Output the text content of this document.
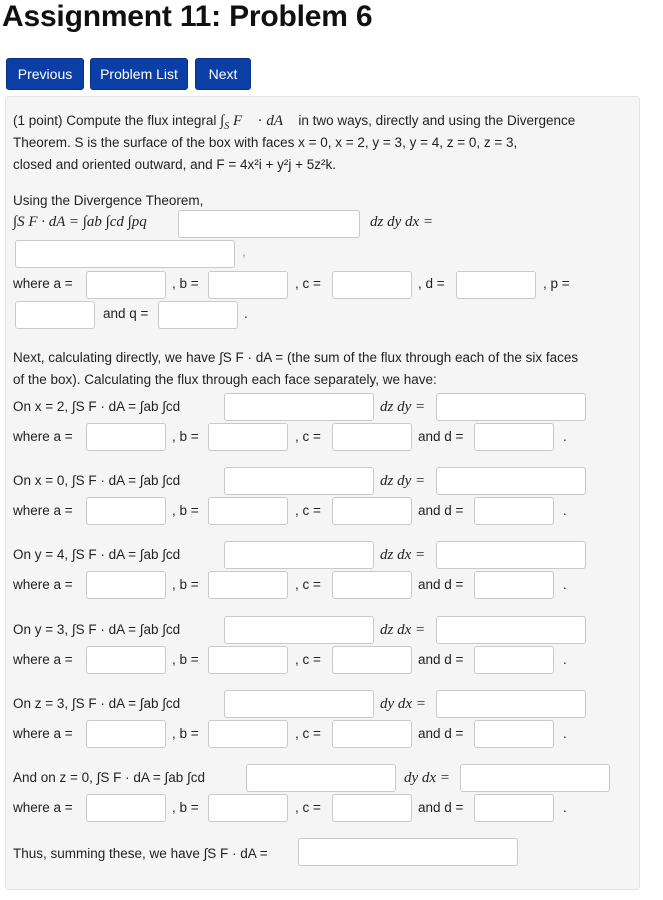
Assignment 11: Problem 6
Previous	Problem List	Next
(1 point) Compute the flux integral $\int_S$ F⃗ · dA⃗ in two ways, directly and using the Divergence
Theorem. S is the surface of the box with faces x = 0, x = 2, y = 3, y = 4, z = 0, z = 3,
closed and oriented outward, and F = 4x²i + y²j + 5z²k.
Using the Divergence Theorem,
∫S F · dA = ∫ab ∫cd ∫pq	dz dy dx =
,
where a =	, b =	, c =	, d =	, p =
and q =	.
Next, calculating directly, we have ∫S F · dA = (the sum of the flux through each of the six faces
of the box). Calculating the flux through each face separately, we have:
On x = 2, ∫S F · dA = ∫ab ∫cd	dz dy =
where a =	, b =	, c =	and d =	.
On x = 0, ∫S F · dA = ∫ab ∫cd	dz dy =
where a =	, b =	, c =	and d =	.
On y = 4, ∫S F · dA = ∫ab ∫cd	dz dx =
where a =	, b =	, c =	and d =	.
On y = 3, ∫S F · dA = ∫ab ∫cd	dz dx =
where a =	, b =	, c =	and d =	.
On z = 3, ∫S F · dA = ∫ab ∫cd	dy dx =
where a =	, b =	, c =	and d =	.
And on z = 0, ∫S F · dA = ∫ab ∫cd	dy dx =
where a =	, b =	, c =	and d =	.
Thus, summing these, we have ∫S F · dA =
